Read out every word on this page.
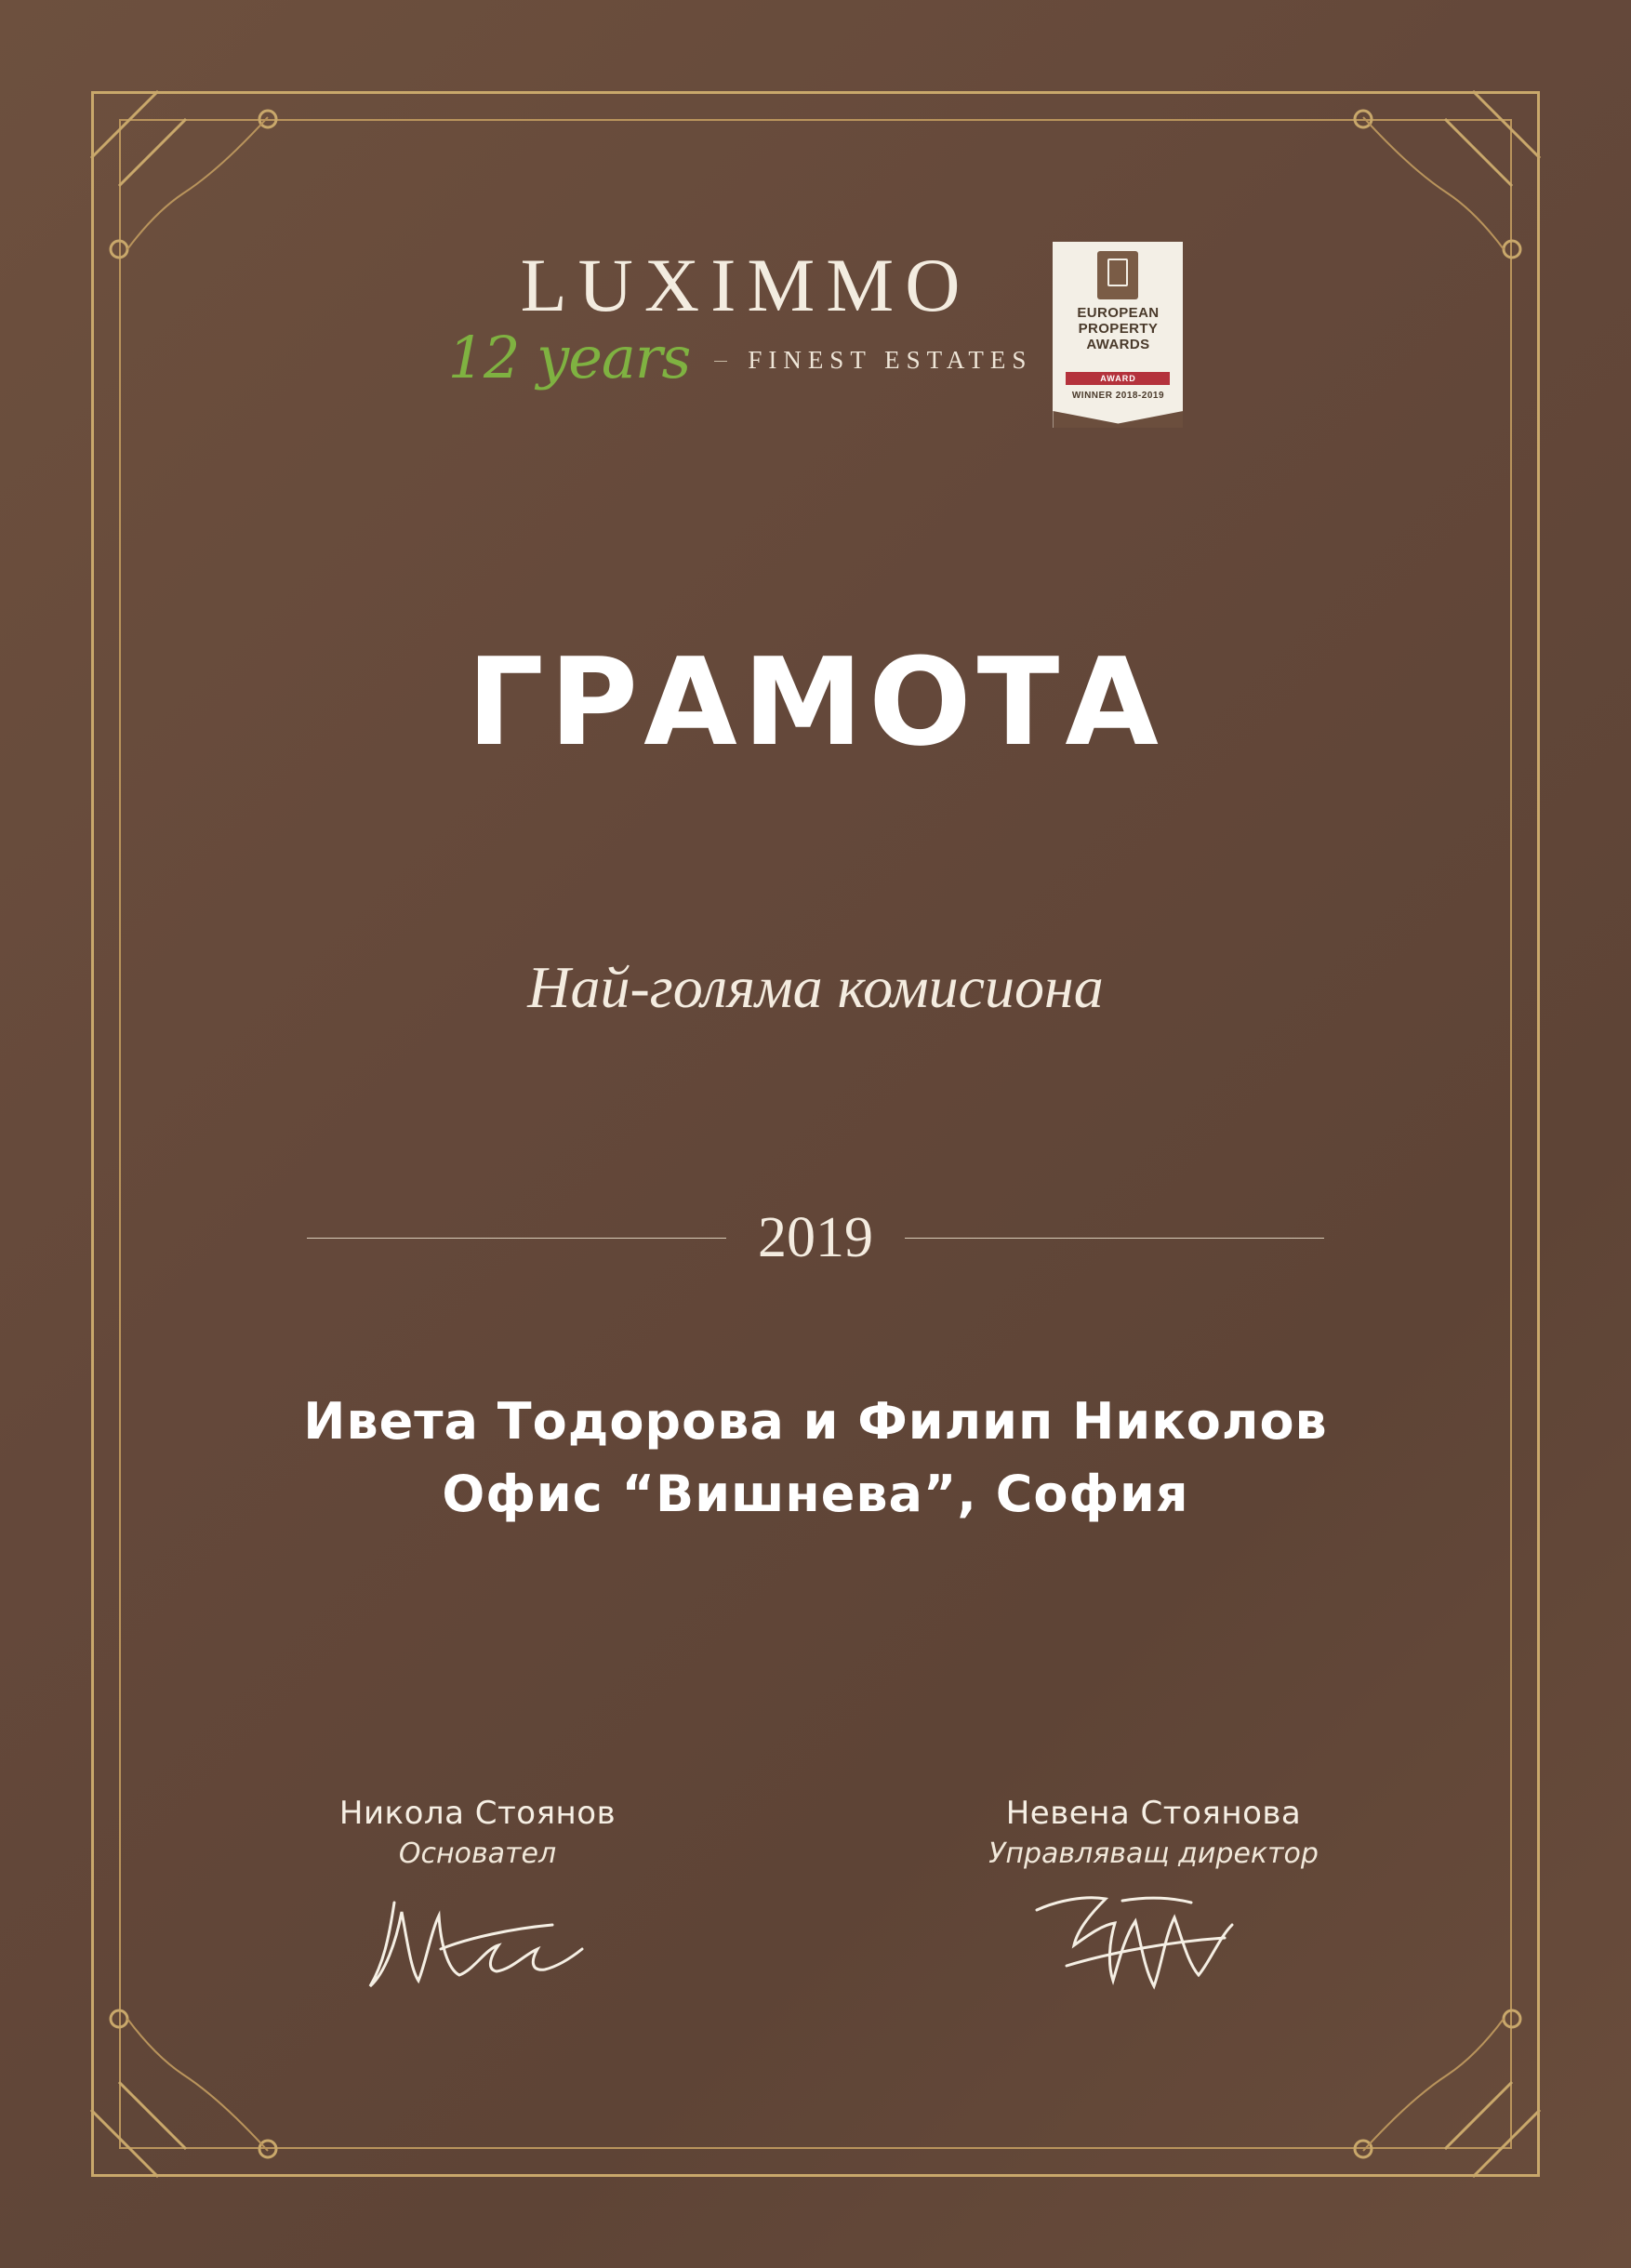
LUXIMMO
12 years FINEST ESTATES
EUROPEAN
PROPERTY
AWARDS
AWARD
WINNER 2018-2019
ГРАМОТА
Най-голяма комисиона
2019
Ивета Тодорова и Филип Николов
Офис “Вишнева”, София
Никола Стоянов
Основател
Невена Стоянова
Управляващ директор
